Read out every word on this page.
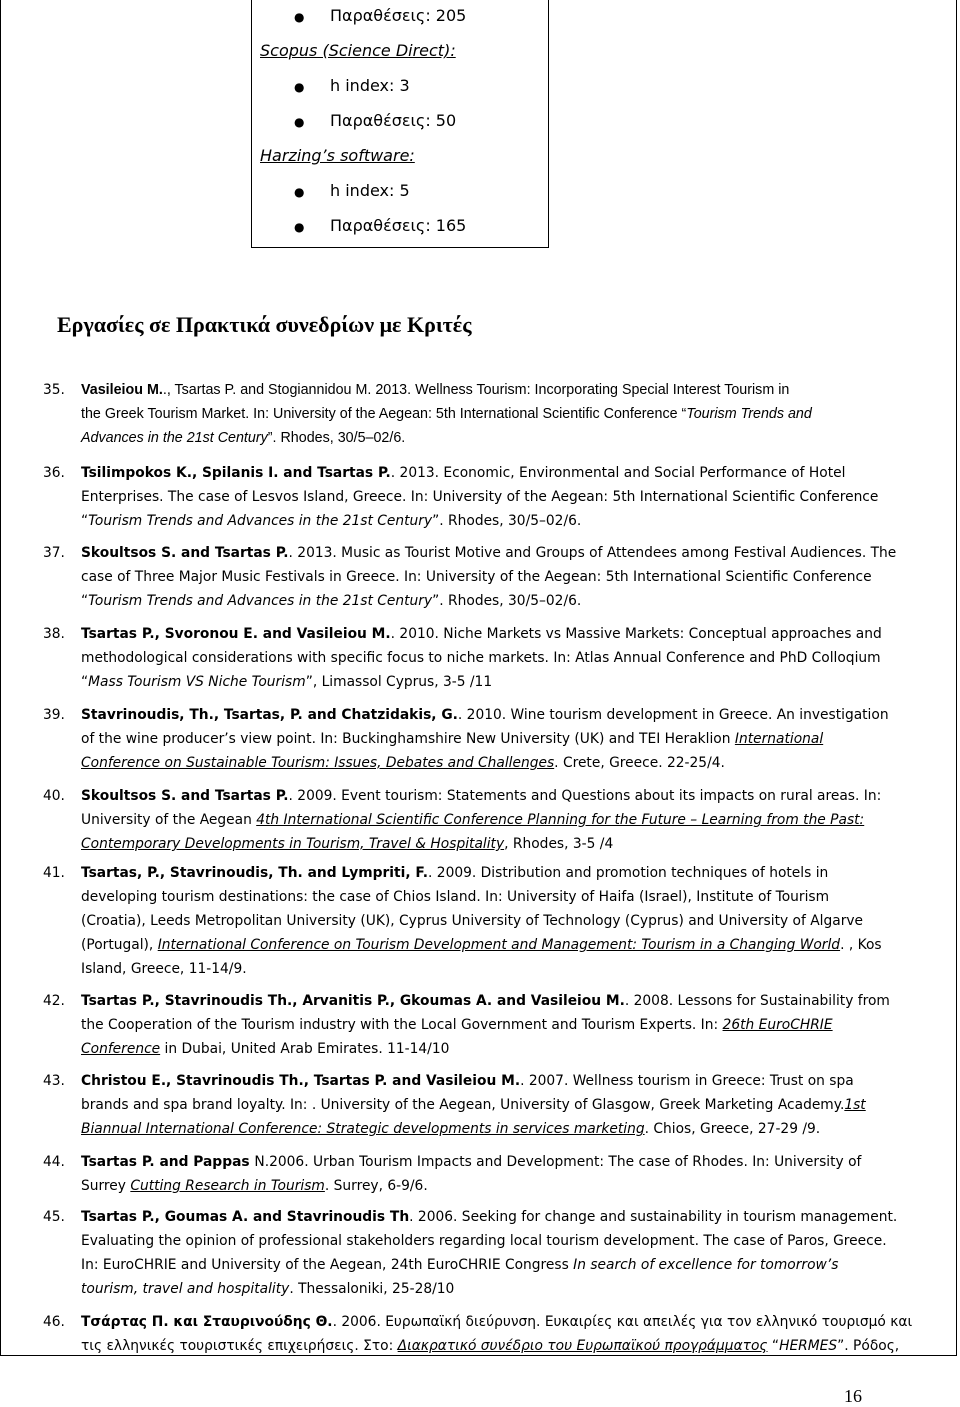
● Παραθέσεις: 205
Scopus (Science Direct):
● h index: 3
● Παραθέσεις: 50
Harzing’s software:
● h index: 5
● Παραθέσεις: 165
Εργασίες σε Πρακτικά συνεδρίων με Κριτές
35. Vasileiou M.., Tsartas P. and Stogiannidou M. 2013. Wellness Tourism: Incorporating Special Interest Tourism in
the Greek Tourism Market. In: University of the Aegean: 5th International Scientific Conference “Tourism Trends and
Advances in the 21st Century”. Rhodes, 30/5–02/6.
36. Tsilimpokos K., Spilanis I. and Tsartas P.. 2013. Economic, Environmental and Social Performance of Hotel
Enterprises. The case of Lesvos Island, Greece. In: University of the Aegean: 5th International Scientific Conference
“Tourism Trends and Advances in the 21st Century”. Rhodes, 30/5–02/6.
37. Skoultsos S. and Tsartas P.. 2013. Music as Tourist Motive and Groups of Attendees among Festival Audiences. The
case of Three Major Music Festivals in Greece. In: University of the Aegean: 5th International Scientific Conference
“Tourism Trends and Advances in the 21st Century”. Rhodes, 30/5–02/6.
38. Tsartas P., Svoronou E. and Vasileiou M.. 2010. Niche Markets vs Massive Markets: Conceptual approaches and
methodological considerations with specific focus to niche markets. In: Atlas Annual Conference and PhD Colloqium
“Mass Tourism VS Niche Tourism”, Limassol Cyprus, 3-5 /11
39. Stavrinoudis, Th., Tsartas, P. and Chatzidakis, G.. 2010. Wine tourism development in Greece. An investigation
of the wine producer’s view point. In: Buckinghamshire New University (UK) and TEI Heraklion International
Conference on Sustainable Tourism: Issues, Debates and Challenges. Crete, Greece. 22-25/4.
40. Skoultsos S. and Tsartas P.. 2009. Event tourism: Statements and Questions about its impacts on rural areas. In:
University of the Aegean 4th International Scientific Conference Planning for the Future – Learning from the Past:
Contemporary Developments in Tourism, Travel & Hospitality, Rhodes, 3-5 /4
41. Tsartas, P., Stavrinoudis, Th. and Lympriti, F.. 2009. Distribution and promotion techniques of hotels in
developing tourism destinations: the case of Chios Island. In: University of Haifa (Israel), Institute of Tourism
(Croatia), Leeds Metropolitan University (UK), Cyprus University of Technology (Cyprus) and University of Algarve
(Portugal), International Conference on Tourism Development and Management: Tourism in a Changing World. , Kos
Island, Greece, 11-14/9.
42. Tsartas P., Stavrinoudis Th., Arvanitis P., Gkoumas A. and Vasileiou M.. 2008. Lessons for Sustainability from
the Cooperation of the Tourism industry with the Local Government and Tourism Experts. In: 26th EuroCHRIE
Conference in Dubai, United Arab Emirates. 11-14/10
43. Christou E., Stavrinoudis Th., Tsartas P. and Vasileiou M.. 2007. Wellness tourism in Greece: Trust on spa
brands and spa brand loyalty. In: . University of the Aegean, University of Glasgow, Greek Marketing Academy.1st
Biannual International Conference: Strategic developments in services marketing. Chios, Greece, 27-29 /9.
44. Tsartas P. and Pappas N.2006. Urban Tourism Impacts and Development: The case of Rhodes. In: University of
Surrey Cutting Research in Tourism. Surrey, 6-9/6.
45. Tsartas P., Goumas A. and Stavrinoudis Th. 2006. Seeking for change and sustainability in tourism management.
Evaluating the opinion of professional stakeholders regarding local tourism development. The case of Paros, Greece.
In: EuroCHRIE and University of the Aegean, 24th EuroCHRIE Congress In search of excellence for tomorrow’s
tourism, travel and hospitality. Thessaloniki, 25-28/10
46. Τσάρτας Π. και Σταυρινούδης Θ.. 2006. Ευρωπαϊκή διεύρυνση. Ευκαιρίες και απειλές για τον ελληνικό τουρισμό και
τις ελληνικές τουριστικές επιχειρήσεις. Στο: Διακρατικό συνέδριο του Ευρωπαϊκού προγράμματος “HERMES”. Ρόδος,

16
